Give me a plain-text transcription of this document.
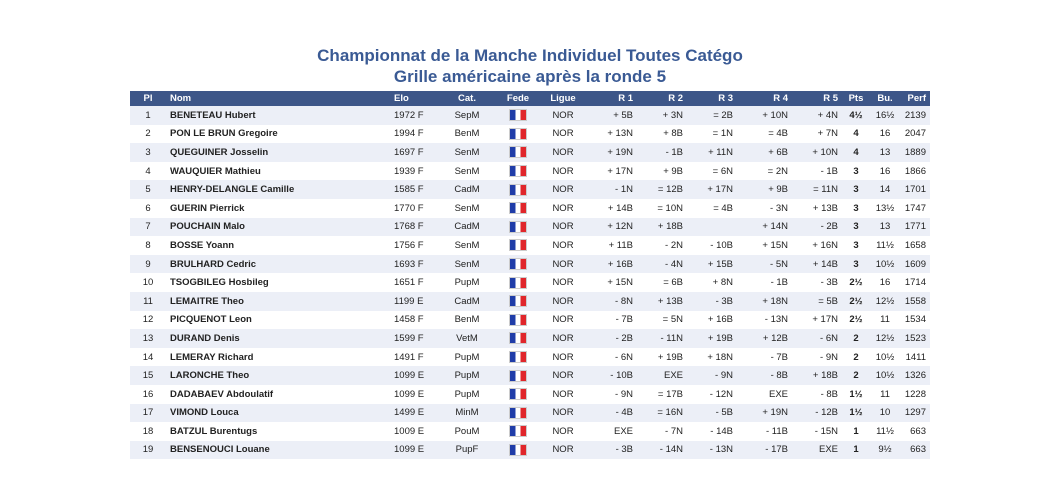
Championnat de la Manche Individuel Toutes Catégo
Grille américaine après la ronde 5
Pl	Nom	Elo	Cat.	Fede	Ligue	R 1	R 2	R 3	R 4	R 5	Pts	Bu.	Perf
1	BENETEAU Hubert	1972 F	SepM		NOR	+ 5B	+ 3N	= 2B	+ 10N	+ 4N	4½	16½	2139
2	PON LE BRUN Gregoire	1994 F	BenM		NOR	+ 13N	+ 8B	= 1N	= 4B	+ 7N	4	16	2047
3	QUEGUINER Josselin	1697 F	SenM		NOR	+ 19N	- 1B	+ 11N	+ 6B	+ 10N	4	13	1889
4	WAUQUIER Mathieu	1939 F	SenM		NOR	+ 17N	+ 9B	= 6N	= 2N	- 1B	3	16	1866
5	HENRY-DELANGLE Camille	1585 F	CadM		NOR	- 1N	= 12B	+ 17N	+ 9B	= 11N	3	14	1701
6	GUERIN Pierrick	1770 F	SenM		NOR	+ 14B	= 10N	= 4B	- 3N	+ 13B	3	13½	1747
7	POUCHAIN Malo	1768 F	CadM		NOR	+ 12N	+ 18B		+ 14N	- 2B	3	13	1771
8	BOSSE Yoann	1756 F	SenM		NOR	+ 11B	- 2N	- 10B	+ 15N	+ 16N	3	11½	1658
9	BRULHARD Cedric	1693 F	SenM		NOR	+ 16B	- 4N	+ 15B	- 5N	+ 14B	3	10½	1609
10	TSOGBILEG Hosbileg	1651 F	PupM		NOR	+ 15N	= 6B	+ 8N	- 1B	- 3B	2½	16	1714
11	LEMAITRE Theo	1199 E	CadM		NOR	- 8N	+ 13B	- 3B	+ 18N	= 5B	2½	12½	1558
12	PICQUENOT Leon	1458 F	BenM		NOR	- 7B	= 5N	+ 16B	- 13N	+ 17N	2½	11	1534
13	DURAND Denis	1599 F	VetM		NOR	- 2B	- 11N	+ 19B	+ 12B	- 6N	2	12½	1523
14	LEMERAY Richard	1491 F	PupM		NOR	- 6N	+ 19B	+ 18N	- 7B	- 9N	2	10½	1411
15	LARONCHE Theo	1099 E	PupM		NOR	- 10B	EXE	- 9N	- 8B	+ 18B	2	10½	1326
16	DADABAEV Abdoulatif	1099 E	PupM		NOR	- 9N	= 17B	- 12N	EXE	- 8B	1½	11	1228
17	VIMOND Louca	1499 E	MinM		NOR	- 4B	= 16N	- 5B	+ 19N	- 12B	1½	10	1297
18	BATZUL Burentugs	1009 E	PouM		NOR	EXE	- 7N	- 14B	- 11B	- 15N	1	11½	663
19	BENSENOUCI Louane	1099 E	PupF		NOR	- 3B	- 14N	- 13N	- 17B	EXE	1	9½	663
